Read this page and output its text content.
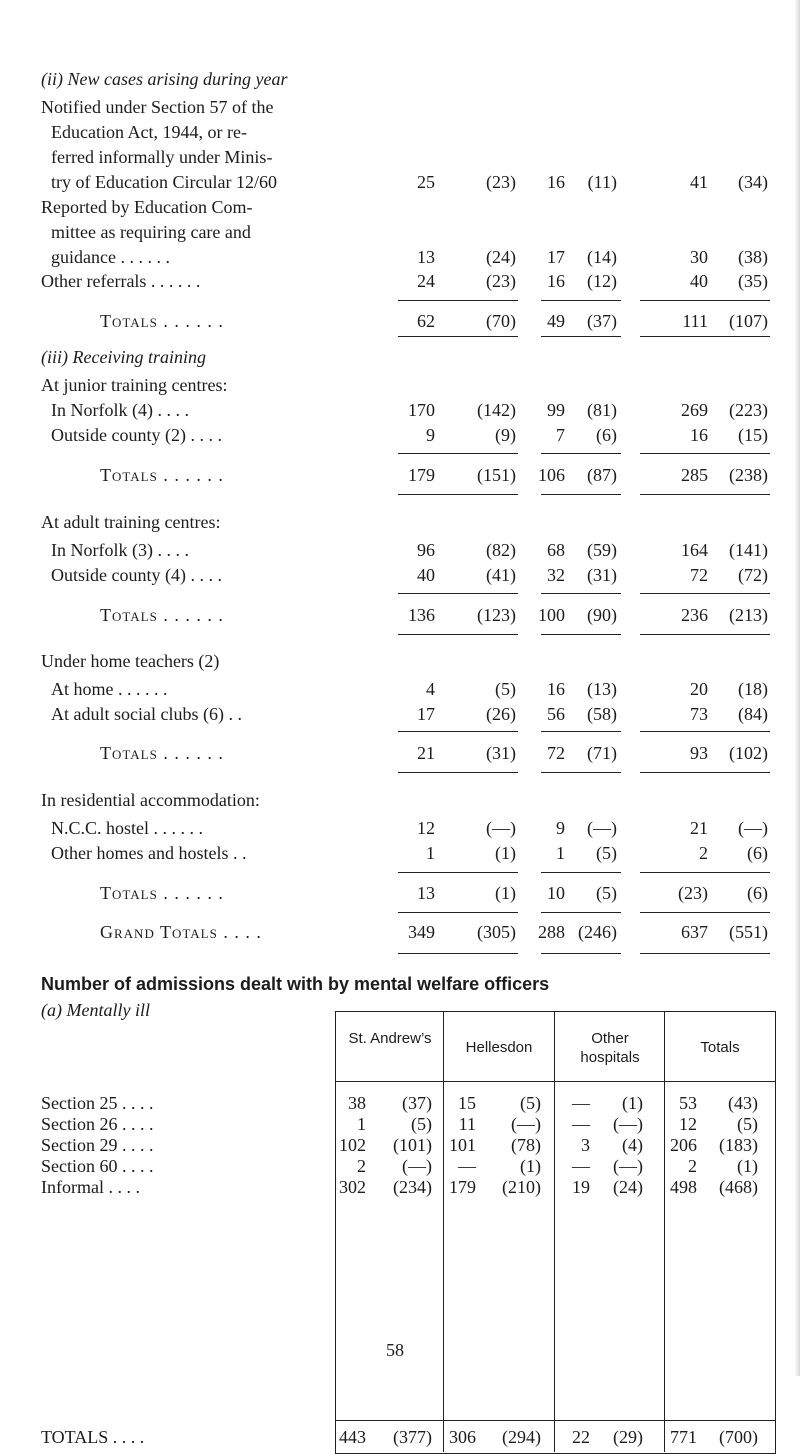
(ii) New cases arising during year
Notified under Section 57 of the
Education Act, 1944, or re-
ferred informally under Minis-
try of Education Circular 12/60	25	(23) 16 (11)	41 (34)
Reported by Education Com-
mittee as requiring care and
guidance . . . . . .	13	(24) 17 (14)	30 (38)
Other referrals . . . . . .	24	(23) 16 (12)	40 (35)
Totals . . . . . .	62	(70) 49 (37)	111 (107)
(iii) Receiving training
At junior training centres:
In Norfolk (4) . . . .	170 (142) 99 (81)	269 (223)
Outside county (2) . . . .	9	(9) 7 (6)	16 (15)
Totals . . . . . .	179 (151) 106 (87)	285 (238)
At adult training centres:
In Norfolk (3) . . . .	96	(82) 68 (59)	164 (141)
Outside county (4) . . . .	40	(41) 32 (31)	72 (72)
Totals . . . . . .	136 (123) 100 (90)	236 (213)
Under home teachers (2)
At home . . . . . .	4	(5) 16 (13)	20 (18)
At adult social clubs (6) . .	17	(26) 56 (58)	73 (84)
Totals . . . . . .	21	(31) 72 (71)	93 (102)
In residential accommodation:
N.C.C. hostel . . . . . .	12	(—) 9 (—)	21 (—)
Other homes and hostels . .	1	(1) 1 (5)	2 (6)
Totals . . . . . .	13	(1) 10 (5)	(23) (6)
Grand Totals . . . .	349 (305) 288 (246)	637 (551)
Number of admissions dealt with by mental welfare officers
(a) Mentally ill
St. Andrew’s
Hellesdon
Other hospitals
Totals
Section 25 . . . .	38 (37) 15 (5) — (1) 53 (43)
Section 26 . . . .	1	(5) 11 (—) — (—) 12 (5)
Section 29 . . . .	102 (101) 101 (78) 3 (4) 206 (183)
Section 60 . . . .	2 (—) — (1) — (—)	2 (1)
Informal . . . .	302 (234) 179 (210) 19 (24) 498 (468)
TOTALS . . . .	443 (377) 306 (294) 22 (29) 771 (700)
58
